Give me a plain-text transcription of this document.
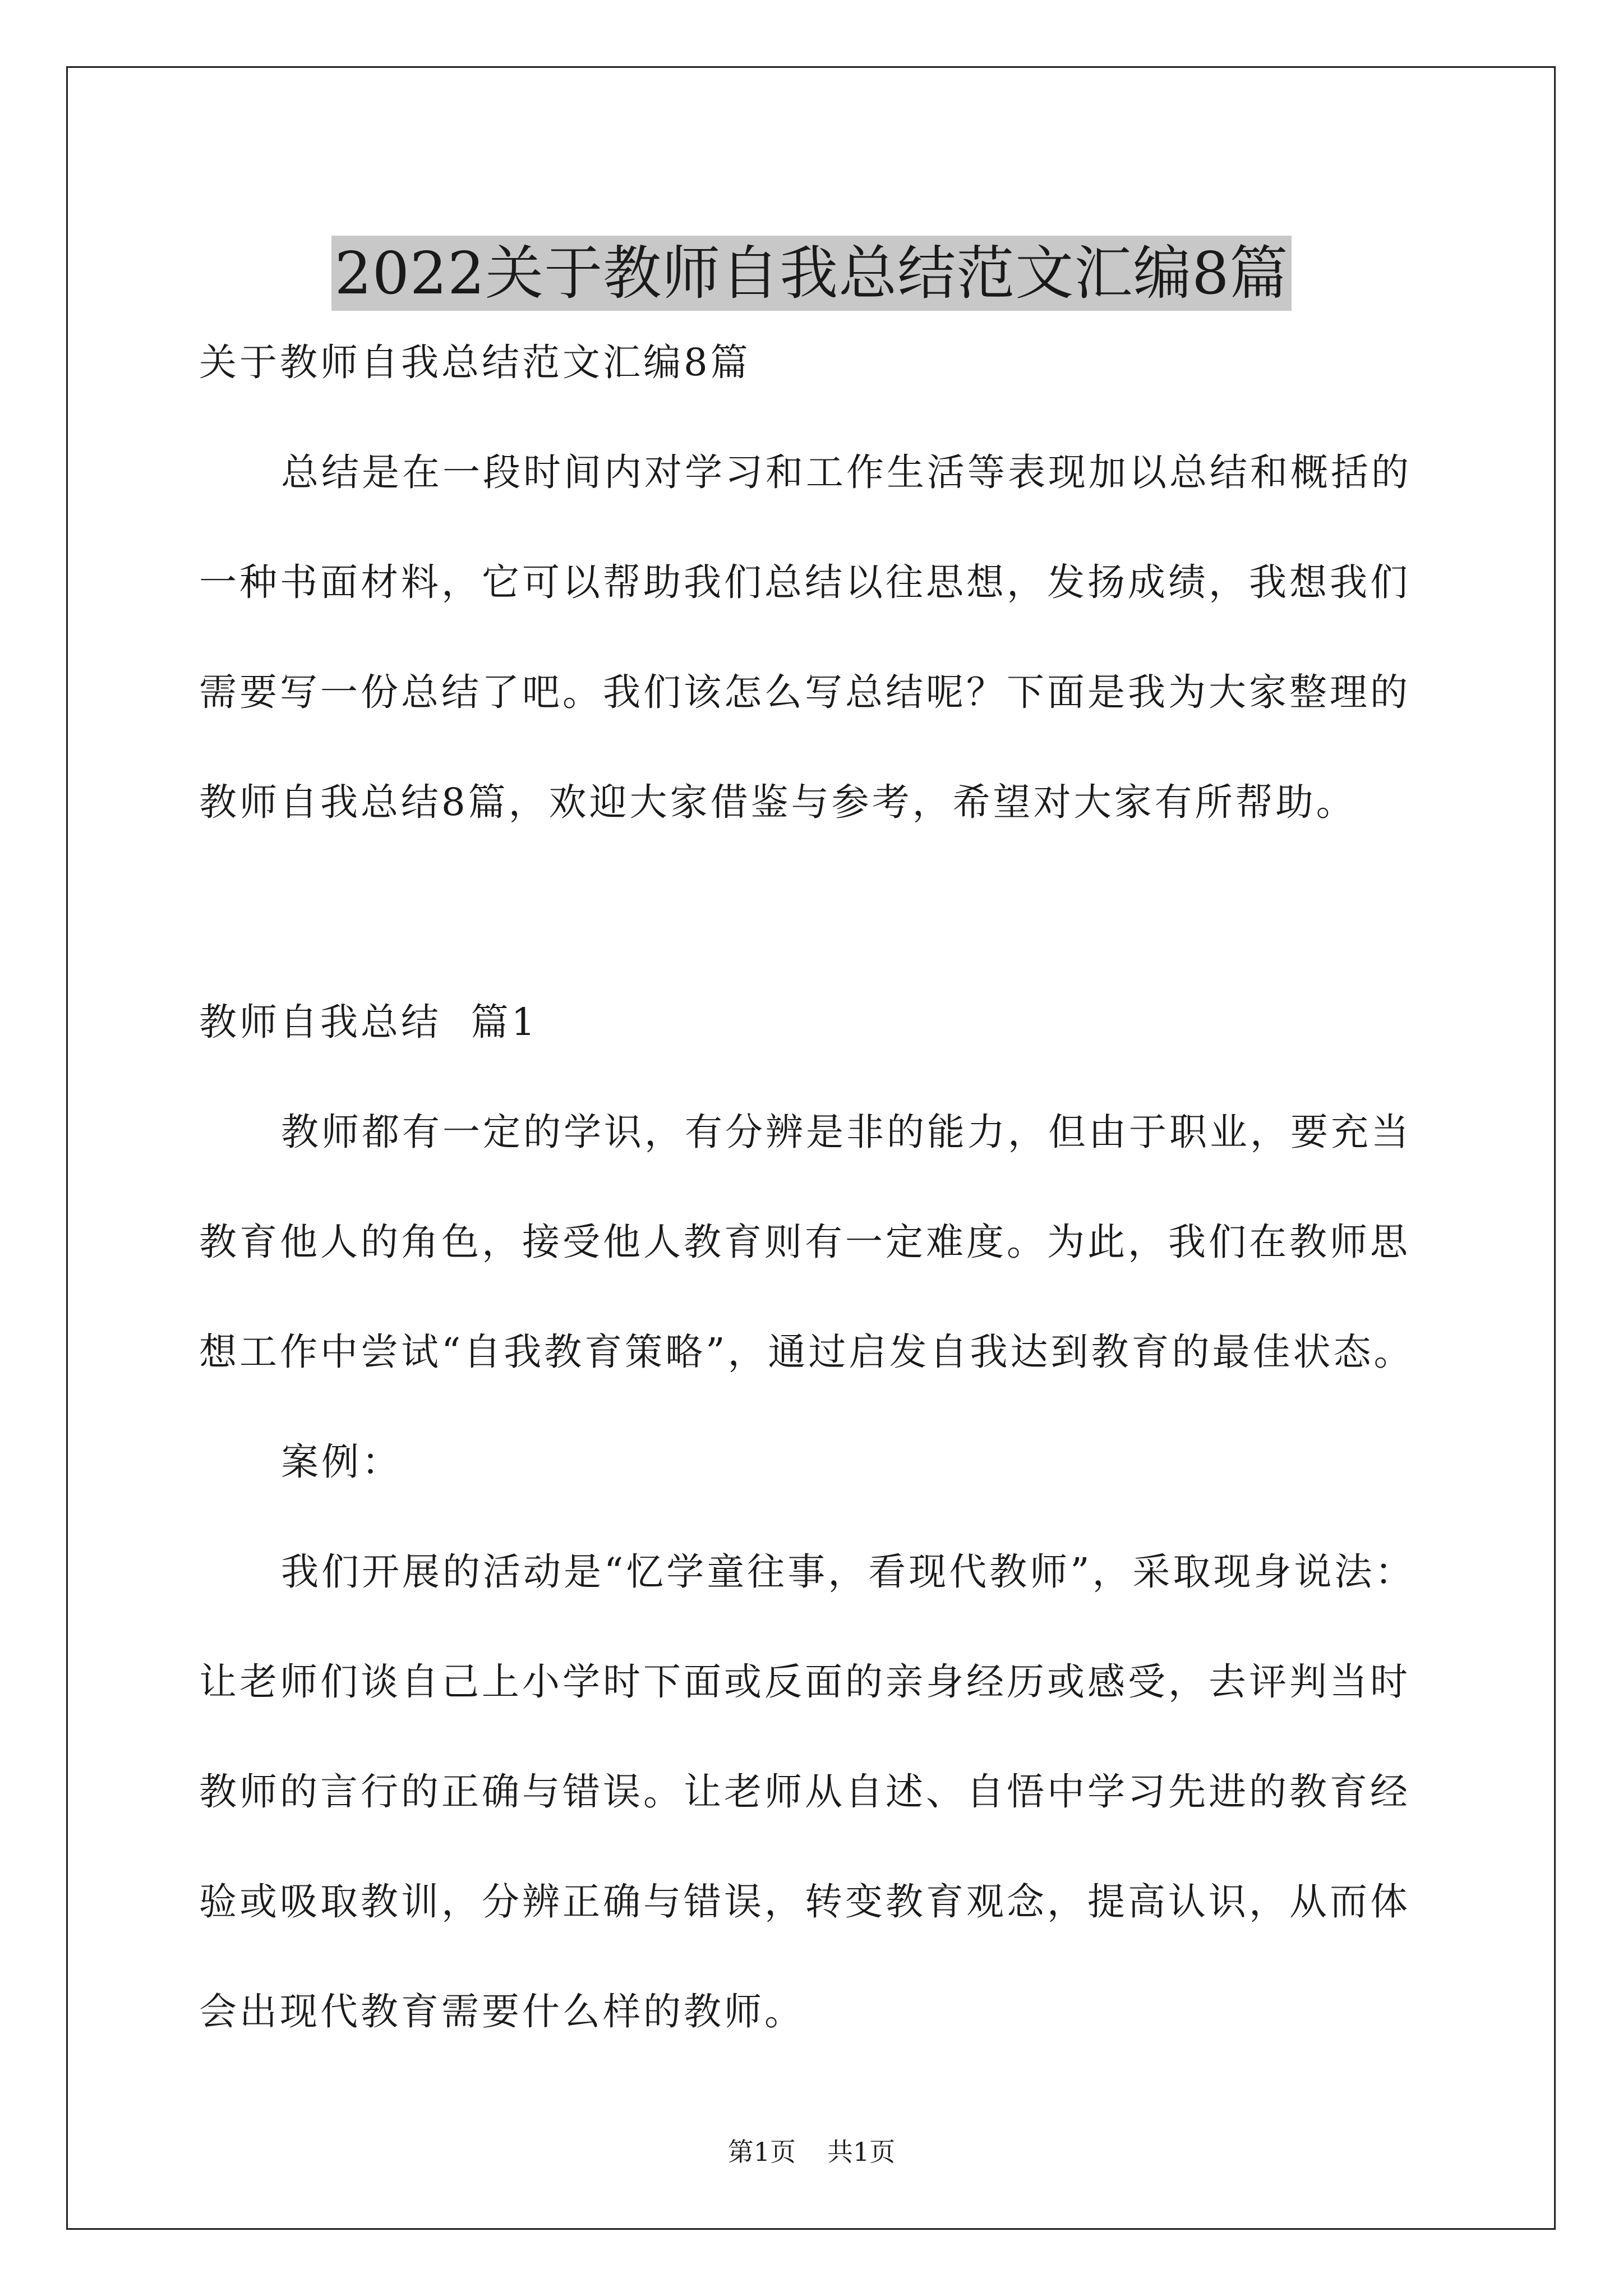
2022关于教师自我总结范文汇编8篇
关于教师自我总结范文汇编8篇
总结是在一段时间内对学习和工作生活等表现加以总结和概括的
一种书面材料，它可以帮助我们总结以往思想，发扬成绩，我想我们
需要写一份总结了吧。我们该怎么写总结呢？下面是我为大家整理的
教师自我总结8篇，欢迎大家借鉴与参考，希望对大家有所帮助。
教师自我总结  篇1
教师都有一定的学识，有分辨是非的能力，但由于职业，要充当
教育他人的角色，接受他人教育则有一定难度。为此，我们在教师思
想工作中尝试“自我教育策略”，通过启发自我达到教育的最佳状态。
案例：
我们开展的活动是“忆学童往事，看现代教师”，采取现身说法：
让老师们谈自己上小学时下面或反面的亲身经历或感受，去评判当时
教师的言行的正确与错误。让老师从自述、自悟中学习先进的教育经
验或吸取教训，分辨正确与错误，转变教育观念，提高认识，从而体
会出现代教育需要什么样的教师。
第1页 共1页
